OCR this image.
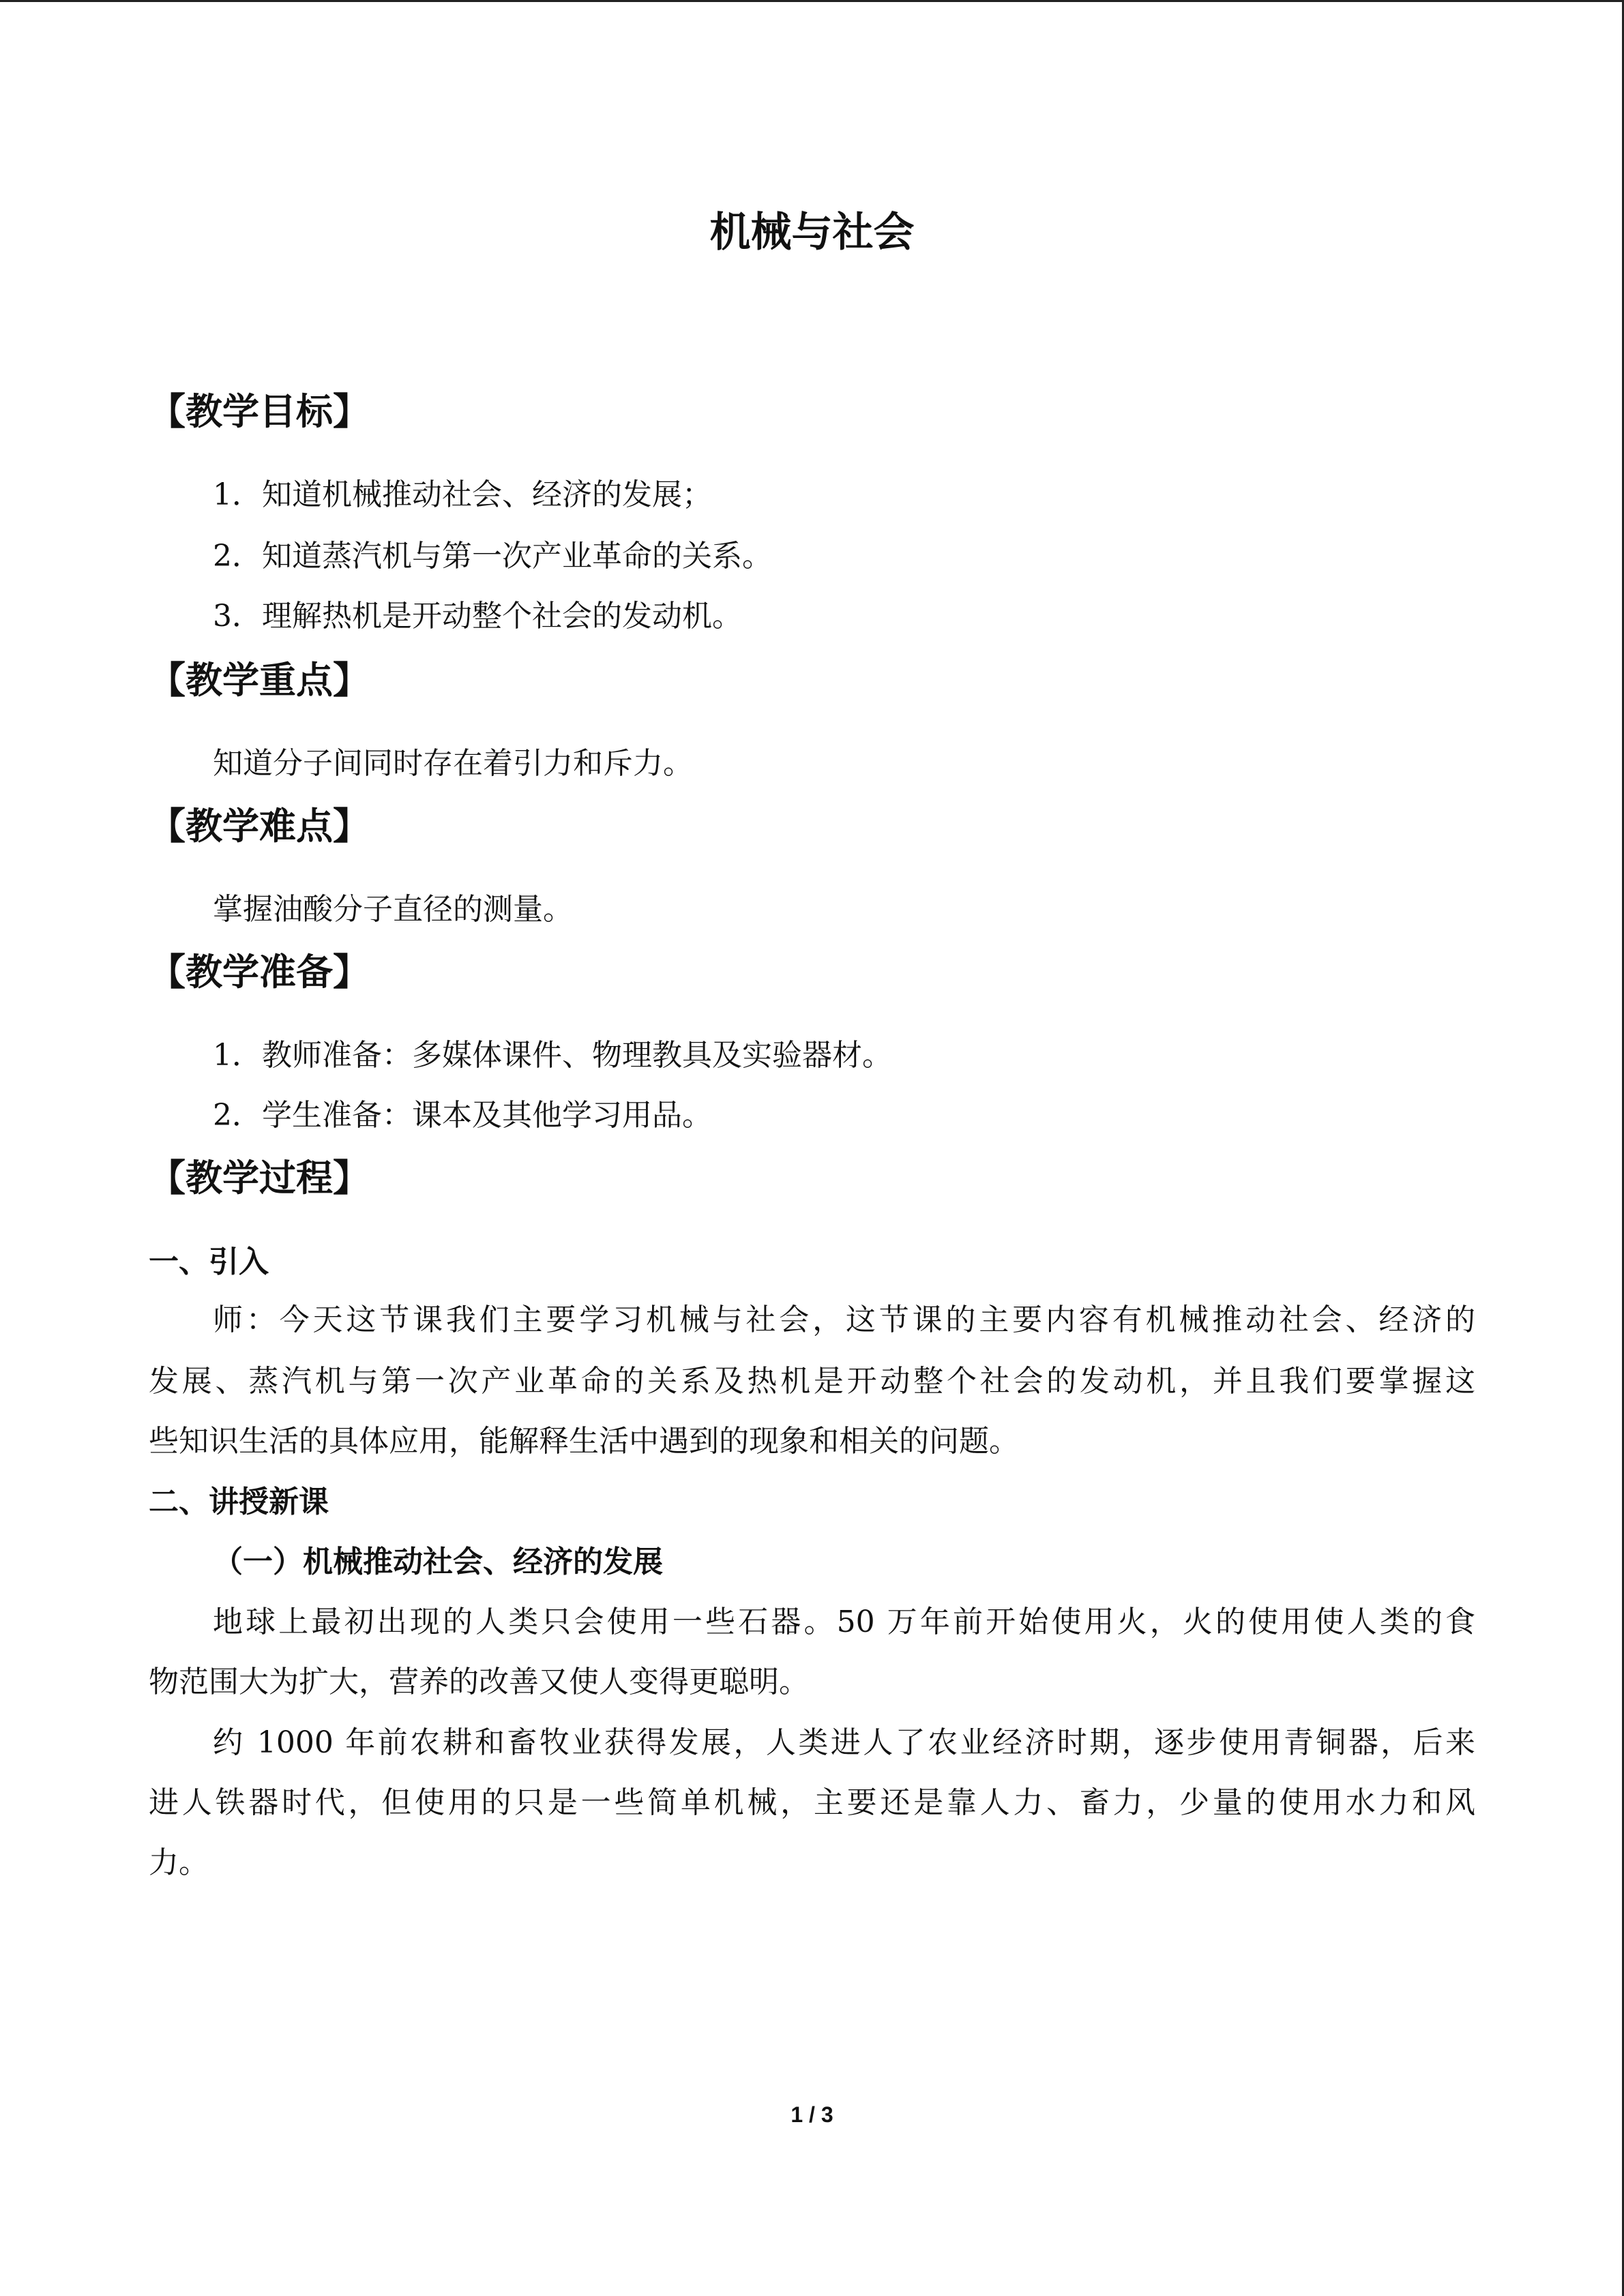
机械与社会
【教学目标】
1．知道机械推动社会、经济的发展；
2．知道蒸汽机与第一次产业革命的关系。
3．理解热机是开动整个社会的发动机。
【教学重点】
知道分子间同时存在着引力和斥力。
【教学难点】
掌握油酸分子直径的测量。
【教学准备】
1．教师准备：多媒体课件、物理教具及实验器材。
2．学生准备：课本及其他学习用品。
【教学过程】
一、引入
师：今天这节课我们主要学习机械与社会，这节课的主要内容有机械推动社会、经济的
发展、蒸汽机与第一次产业革命的关系及热机是开动整个社会的发动机，并且我们要掌握这
些知识生活的具体应用，能解释生活中遇到的现象和相关的问题。
二、讲授新课
（一）机械推动社会、经济的发展
地球上最初出现的人类只会使用一些石器。50 万年前开始使用火，火的使用使人类的食
物范围大为扩大，营养的改善又使人变得更聪明。
约 1000 年前农耕和畜牧业获得发展，人类进人了农业经济时期，逐步使用青铜器，后来
进人铁器时代，但使用的只是一些简单机械，主要还是靠人力、畜力，少量的使用水力和风
力。
1 / 3
